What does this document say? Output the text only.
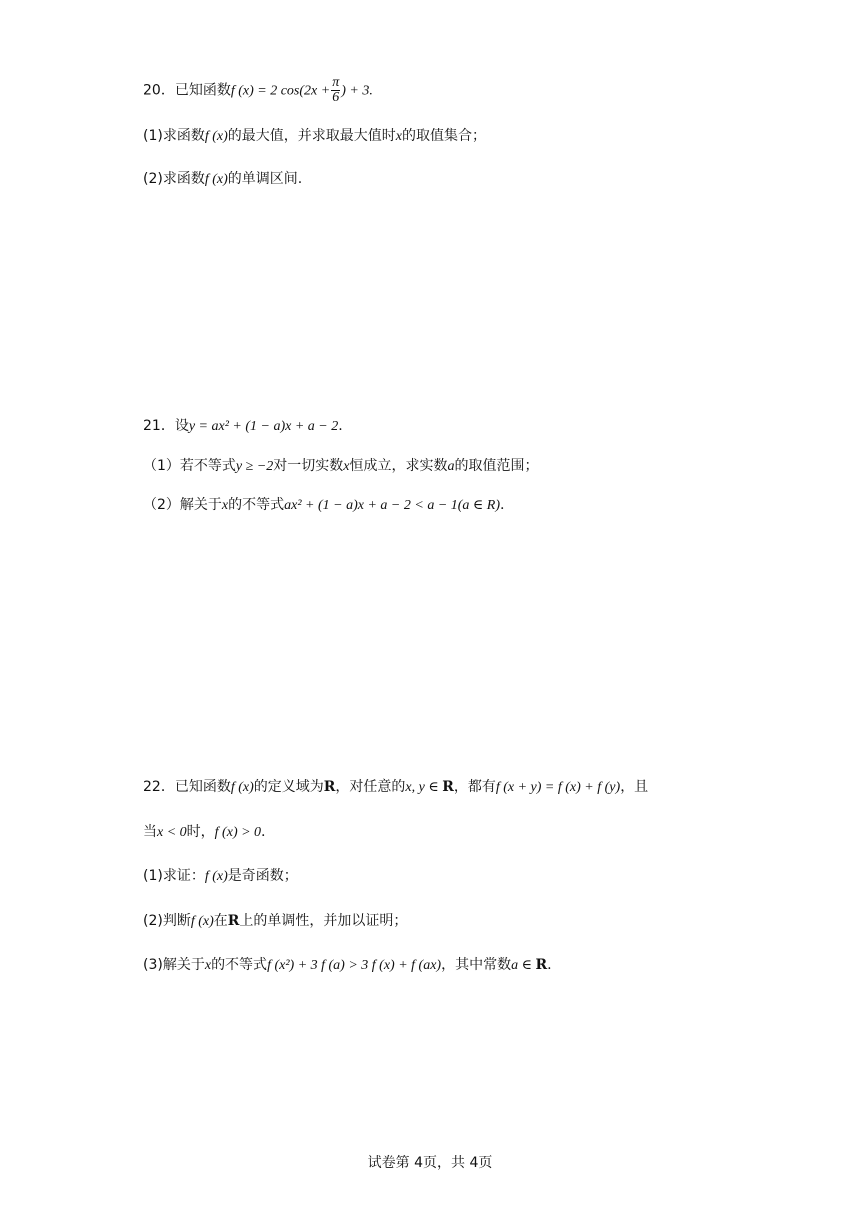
20．已知函数f (x) = 2 $\cos(2x + \frac{\pi}{6}$ ) + 3.
(1)求函数f (x)的最大值，并求取最大值时x的取值集合；
(2)求函数f (x)的单调区间.
21．设y = ax² + (1 − a)x + a − 2.
（1）若不等式y ≥ −2对一切实数x恒成立，求实数a的取值范围；
（2）解关于x的不等式ax² + (1 − a)x + a − 2 < a − 1(a ∈ R).
22．已知函数f (x)的定义域为R，对任意的x, y ∈ R，都有f (x + y) = f (x) + f (y)，且
当x < 0时，f (x) > 0.
(1)求证：f (x)是奇函数；
(2)判断f (x)在R上的单调性，并加以证明；
(3)解关于x的不等式f (x²) + 3 f (a) > 3 f (x) + f (ax)，其中常数a ∈ R.
试卷第 4页，共 4页
